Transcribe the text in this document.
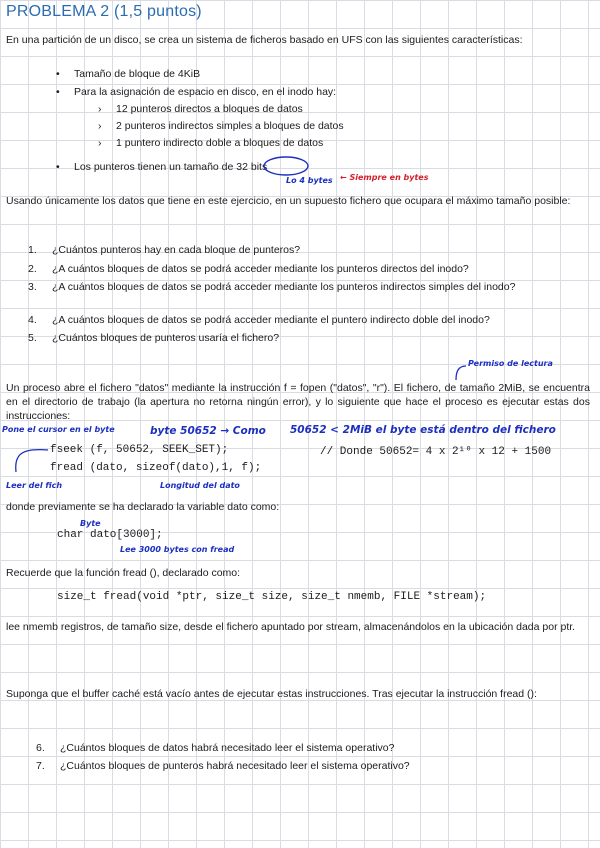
PROBLEMA 2 (1,5 puntos)
En una partición de un disco, se crea un sistema de ficheros basado en UFS con las siguientes características:
• Tamaño de bloque de 4KiB
• Para la asignación de espacio en disco, en el inodo hay:
› 12 punteros directos a bloques de datos
› 2 punteros indirectos simples a bloques de datos
› 1 puntero indirecto doble a bloques de datos
• Los punteros tienen un tamaño de 32 bits
Lo 4 bytes ← Siempre en bytes
Usando únicamente los datos que tiene en este ejercicio, en un supuesto fichero que ocupara el máximo tamaño posible:
1. ¿Cuántos punteros hay en cada bloque de punteros?
2. ¿A cuántos bloques de datos se podrá acceder mediante los punteros directos del inodo?
3. ¿A cuántos bloques de datos se podrá acceder mediante los punteros indirectos simples del inodo?
4. ¿A cuántos bloques de datos se podrá acceder mediante el puntero indirecto doble del inodo?
5. ¿Cuántos bloques de punteros usaría el fichero?
Permiso de lectura
Un proceso abre el fichero "datos" mediante la instrucción f = fopen ("datos", "r"). El fichero, de tamaño 2MiB, se encuentra en el directorio de trabajo (la apertura no retorna ningún error), y lo siguiente que hace el proceso es ejecutar estas dos instrucciones:
Pone el cursor en el byte	byte 50652 → Como 50652 < 2MiB el byte está dentro del fichero
fseek (f, 50652, SEEK_SET);	// Donde 50652= 4 x 2¹⁰ x 12 + 1500
fread (dato, sizeof(dato),1, f);
Leer del fich	Longitud del dato
donde previamente se ha declarado la variable dato como:
Byte
char dato[3000];
Lee 3000 bytes con fread
Recuerde que la función fread (), declarado como:
size_t fread(void *ptr, size_t size, size_t nmemb, FILE *stream);
lee nmemb registros, de tamaño size, desde el fichero apuntado por stream, almacenándolos en la ubicación dada por ptr.
Suponga que el buffer caché está vacío antes de ejecutar estas instrucciones. Tras ejecutar la instrucción fread ():
6. ¿Cuántos bloques de datos habrá necesitado leer el sistema operativo?
7. ¿Cuántos bloques de punteros habrá necesitado leer el sistema operativo?
